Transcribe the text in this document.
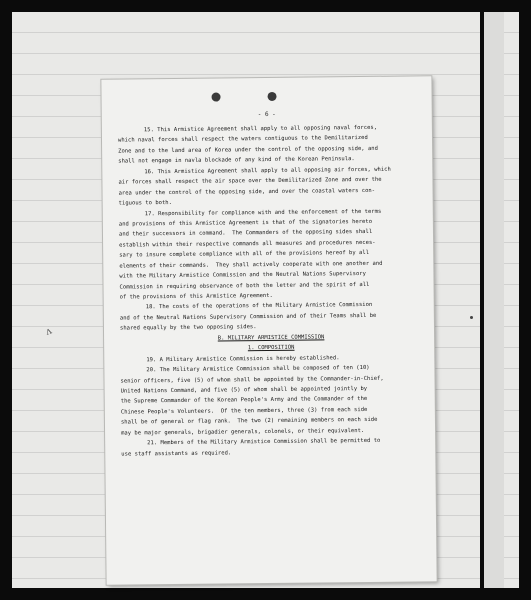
- 6 -
15. This Armistice Agreement shall apply to all opposing naval forces,
which naval forces shall respect the waters contiguous to the Demilitarized
Zone and to the land area of Korea under the control of the opposing side, and
shall not engage in navla blockade of any kind of the Korean Peninsula.
16. This Armistice Agreement shall apply to all opposing air forces, which
air forces shall respect the air space over the Demilitarized Zone and over the
area under the control of the opposing side, and over the coastal waters con-
tiguous to both.
17. Responsibility for compliance with and the enforcement of the terms
and provisions of this Armistice Agreement is that of the signatories hereto
and their successors in command.  The Commanders of the opposing sides shall
establish within their respective commands all measures and procedures neces-
sary to insure complete compliance with all of the provisions hereof by all
elements of their commands.  They shall actively cooperate with one another and
with the Military Armistice Commission and the Neutral Nations Supervisory
Commission in requiring observance of both the letter and the spirit of all
of the provisions of this Armistice Agreement.
18. The costs of the operations of the Military Armistice Commission
and of the Neutral Nations Supervisory Commission and of their Teams shall be
shared equally by the two opposing sides.
B. MILITARY ARMISTICE COMMISSION
1. COMPOSITION
19. A Military Armistice Commission is hereby established.
20. The Military Armistice Commission shall be composed of ten (10)
senior officers, five (5) of whom shall be appointed by the Commander-in-Chief,
United Nations Command, and five (5) of whom shall be appointed jointly by
the Supreme Commander of the Korean People's Army and the Commander of the
Chinese People's Volunteers.  Of the ten members, three (3) from each side
shall be of general or flag rank.  The two (2) remaining members on each side
may be major generals, brigadier generals, colonels, or their equivalent.
21. Members of the Military Armistice Commission shall be permitted to
use staff assistants as required.
ʌ
